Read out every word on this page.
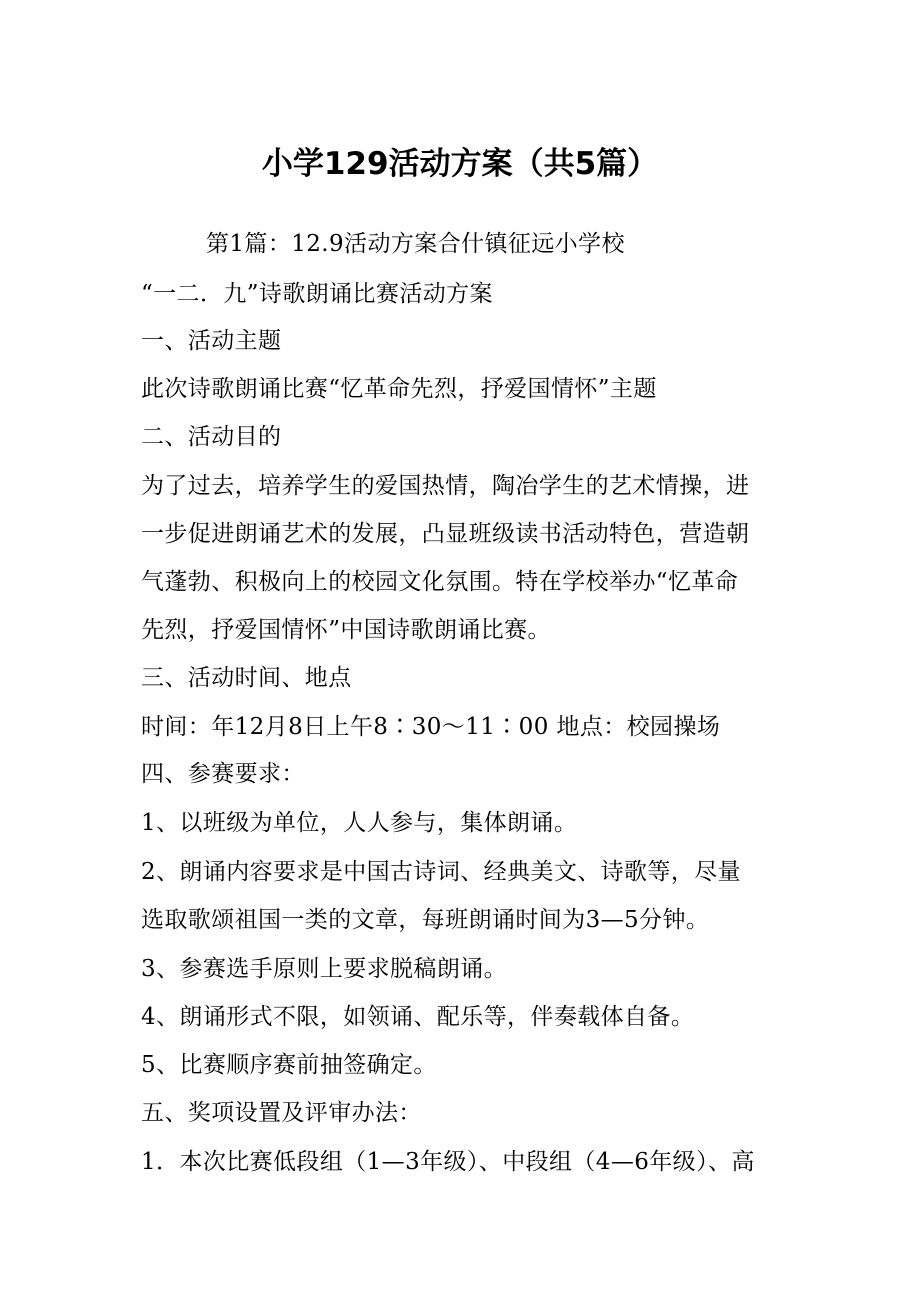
小学129活动方案（共5篇）
第1篇：12.9活动方案合什镇征远小学校
“一二．九”诗歌朗诵比赛活动方案
一、活动主题
此次诗歌朗诵比赛“忆革命先烈，抒爱国情怀”主题
二、活动目的
为了过去，培养学生的爱国热情，陶冶学生的艺术情操，进
一步促进朗诵艺术的发展，凸显班级读书活动特色，营造朝
气蓬勃、积极向上的校园文化氛围。特在学校举办“忆革命
先烈，抒爱国情怀”中国诗歌朗诵比赛。
三、活动时间、地点
时间：年12月8日上午8∶30～11∶00 地点：校园操场
四、参赛要求：
1、以班级为单位，人人参与，集体朗诵。
2、朗诵内容要求是中国古诗词、经典美文、诗歌等，尽量
选取歌颂祖国一类的文章，每班朗诵时间为3—5分钟。
3、参赛选手原则上要求脱稿朗诵。
4、朗诵形式不限，如领诵、配乐等，伴奏载体自备。
5、比赛顺序赛前抽签确定。
五、奖项设置及评审办法：
1．本次比赛低段组（1—3年级）、中段组（4—6年级）、高
